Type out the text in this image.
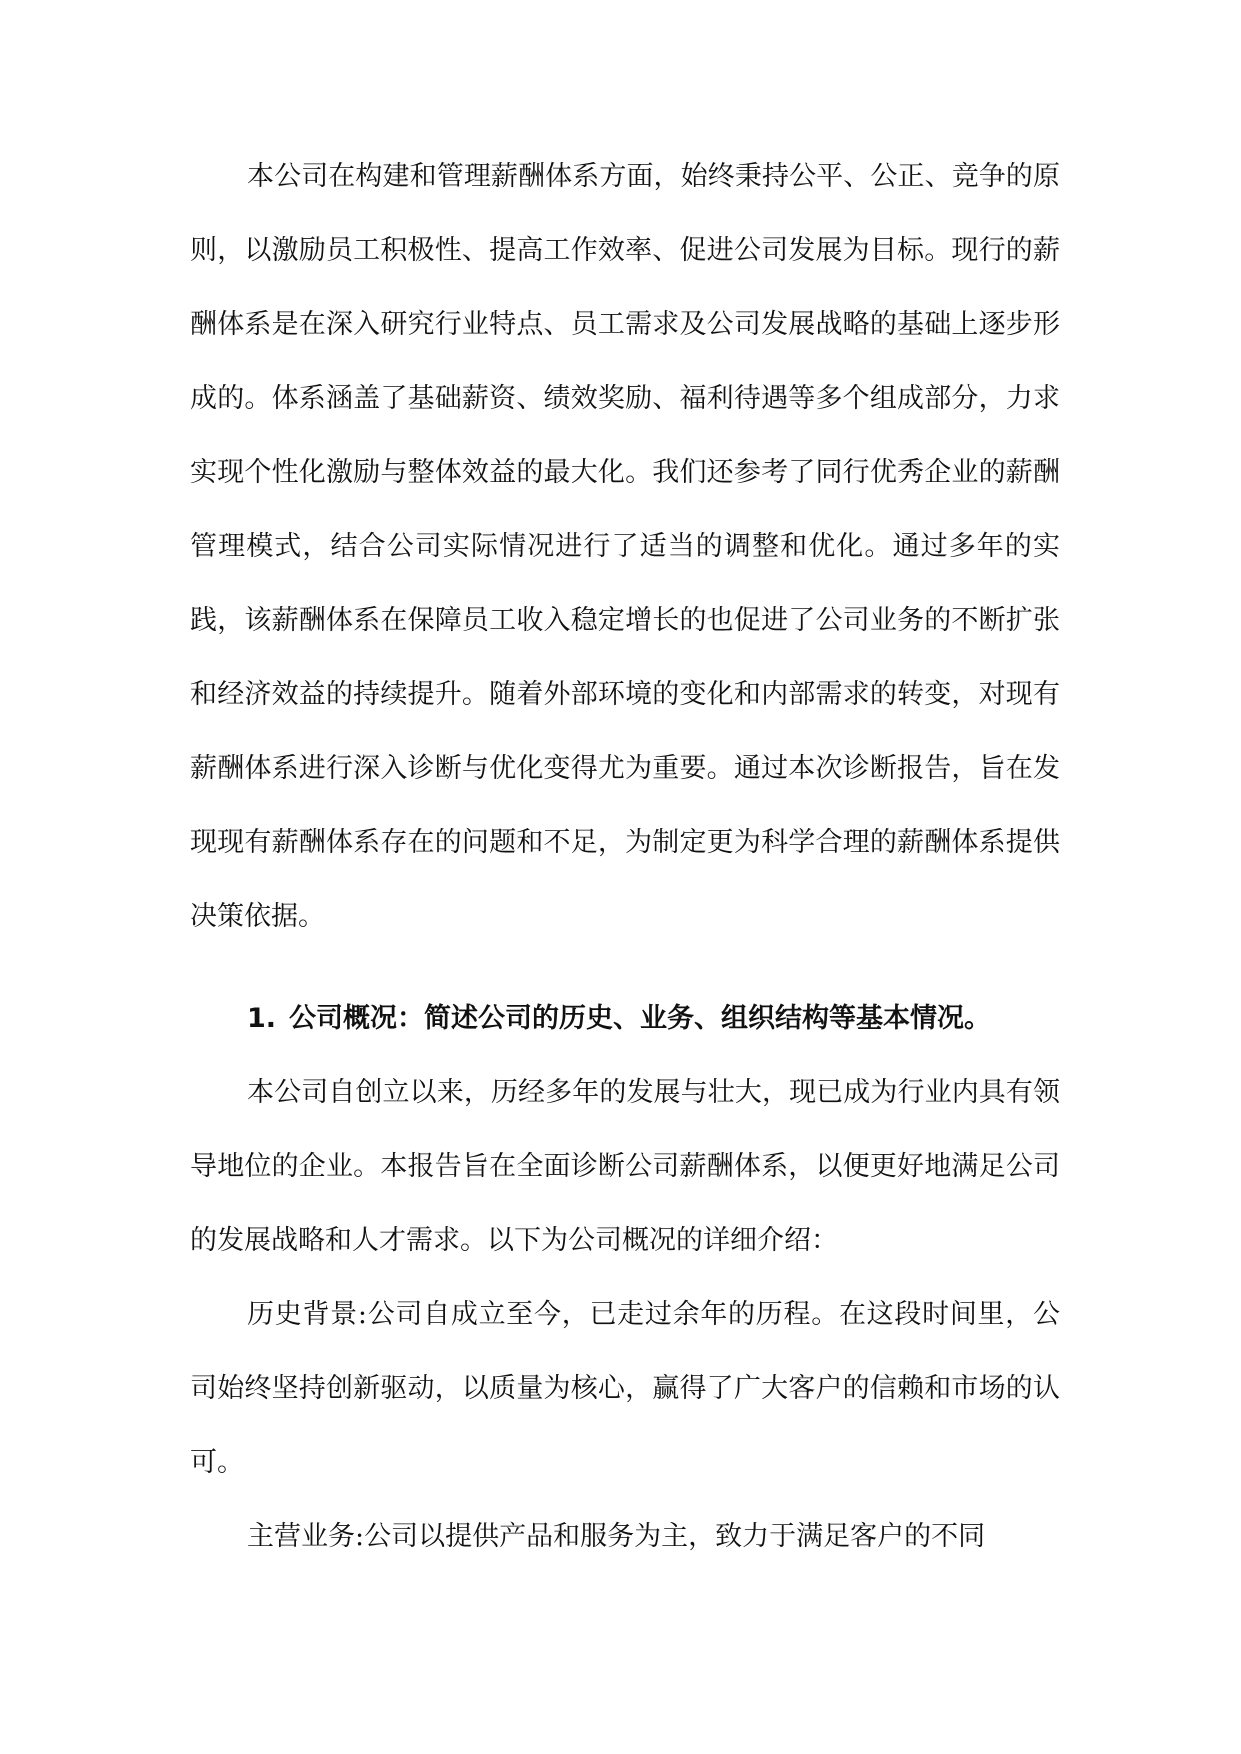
本公司在构建和管理薪酬体系方面，始终秉持公平、公正、竞争的原则，以激励员工积极性、提高工作效率、促进公司发展为目标。现行的薪酬体系是在深入研究行业特点、员工需求及公司发展战略的基础上逐步形成的。体系涵盖了基础薪资、绩效奖励、福利待遇等多个组成部分，力求实现个性化激励与整体效益的最大化。我们还参考了同行优秀企业的薪酬管理模式，结合公司实际情况进行了适当的调整和优化。通过多年的实践，该薪酬体系在保障员工收入稳定增长的也促进了公司业务的不断扩张和经济效益的持续提升。随着外部环境的变化和内部需求的转变，对现有薪酬体系进行深入诊断与优化变得尤为重要。通过本次诊断报告，旨在发现现有薪酬体系存在的问题和不足，为制定更为科学合理的薪酬体系提供决策依据。

1. 公司概况：简述公司的历史、业务、组织结构等基本情况。

本公司自创立以来，历经多年的发展与壮大，现已成为行业内具有领导地位的企业。本报告旨在全面诊断公司薪酬体系，以便更好地满足公司的发展战略和人才需求。以下为公司概况的详细介绍：

历史背景:公司自成立至今，已走过余年的历程。在这段时间里，公司始终坚持创新驱动，以质量为核心，赢得了广大客户的信赖和市场的认可。

主营业务:公司以提供产品和服务为主，致力于满足客户的不同
